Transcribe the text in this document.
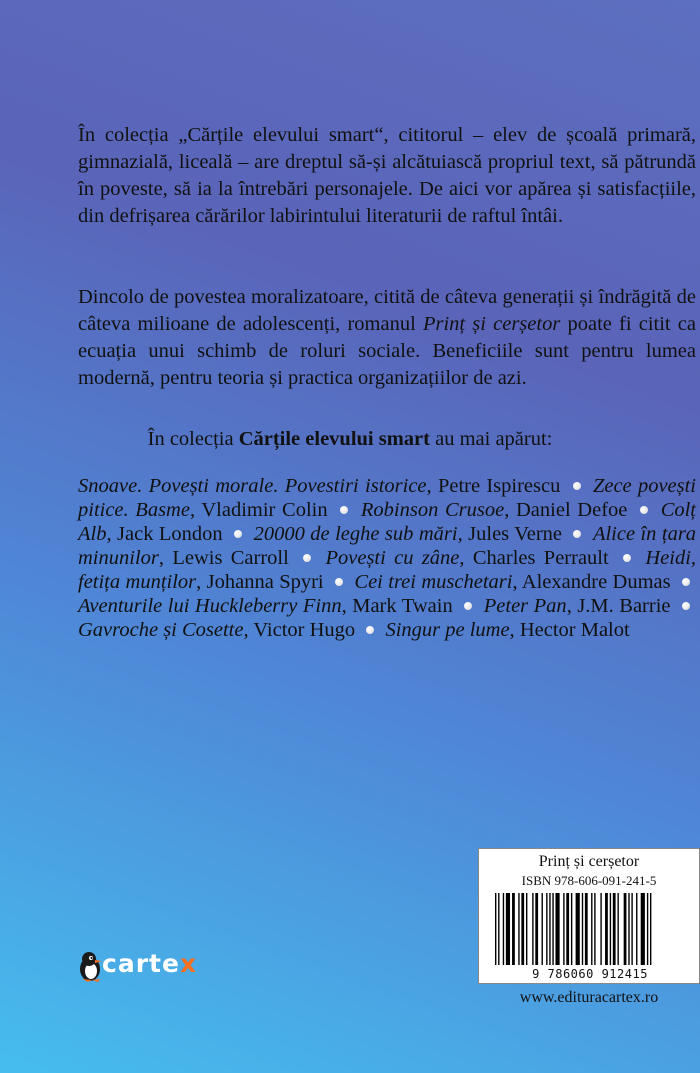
În colecția „Cărțile elevului smart“, cititorul – elev de școală primară, gimnazială, liceală – are dreptul să-și alcătuiască propriul text, să pătrundă în poveste, să ia la întrebări personajele. De aici vor apărea și satisfacțiile, din defrișarea cărărilor labirintului literaturii de raftul întâi.
Dincolo de povestea moralizatoare, citită de câteva generații și îndrăgită de câteva milioane de adolescenți, romanul Prinț și cerșetor poate fi citit ca ecuația unui schimb de roluri sociale. Beneficiile sunt pentru lumea modernă, pentru teoria și practica organizațiilor de azi.
În colecția Cărțile elevului smart au mai apărut:
Snoave. Povești morale. Povestiri istorice, Petre Ispirescu Zece povești pitice. Basme, Vladimir Colin Robinson Crusoe, Daniel Defoe Colț Alb, Jack London 20000 de leghe sub mări, Jules Verne Alice în țara minunilor, Lewis Carroll Povești cu zâne, Charles Perrault Heidi, fetița munților, Johanna Spyri Cei trei muschetari, Alexandre Dumas  Aventurile lui Huckleberry Finn, Mark Twain Peter Pan, J.M. Barrie  Gavroche și Cosette, Victor Hugo Singur pe lume, Hector Malot
cartex
Prinț și cerșetor
ISBN 978-606-091-241-5
9 786060 912415
www.edituracartex.ro
